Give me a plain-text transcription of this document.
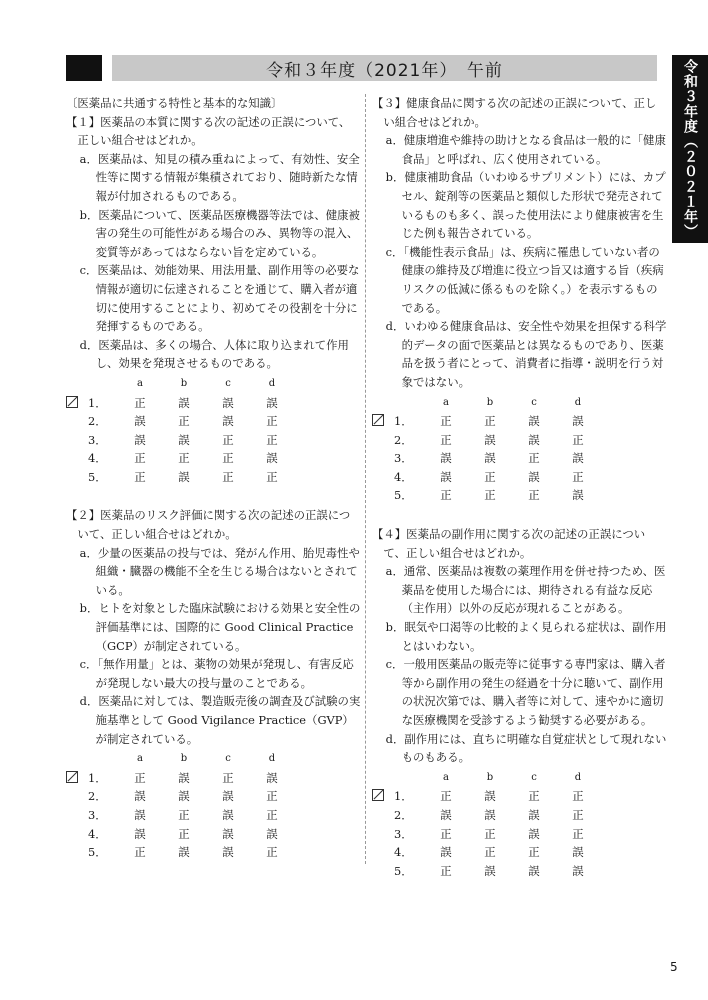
令和３年度（2021年）　午前	令和３年度（２０２１年）
〔医薬品に共通する特性と基本的な知識〕
【１】医薬品の本質に関する次の記述の正誤について、正しい組合せはどれか。
a．医薬品は、知見の積み重ねによって、有効性、安全性等に関する情報が集積されており、随時新たな情報が付加されるものである。
b．医薬品について、医薬品医療機器等法では、健康被害の発生の可能性がある場合のみ、異物等の混入、変質等があってはならない旨を定めている。
c．医薬品は、効能効果、用法用量、副作用等の必要な情報が適切に伝達されることを通じて、購入者が適切に使用することにより、初めてその役割を十分に発揮するものである。
d．医薬品は、多くの場合、人体に取り込まれて作用し、効果を発現させるものである。
		a	b	c	d
	1．	正	誤	誤	誤
	2．	誤	正	誤	正
	3．	誤	誤	正	正
	4．	正	正	正	誤
	5．	正	誤	正	正
【２】医薬品のリスク評価に関する次の記述の正誤について、正しい組合せはどれか。
a．少量の医薬品の投与では、発がん作用、胎児毒性や組織・臓器の機能不全を生じる場合はないとされている。
b．ヒトを対象とした臨床試験における効果と安全性の評価基準には、国際的に Good Clinical Practice（GCP）が制定されている。
c．「無作用量」とは、薬物の効果が発現し、有害反応が発現しない最大の投与量のことである。
d．医薬品に対しては、製造販売後の調査及び試験の実施基準として Good Vigilance Practice（GVP）が制定されている。
		a	b	c	d
	1．	正	誤	正	誤
	2．	誤	誤	誤	正
	3．	誤	正	誤	正
	4．	誤	正	誤	誤
	5．	正	誤	誤	正
【３】健康食品に関する次の記述の正誤について、正しい組合せはどれか。
a．健康増進や維持の助けとなる食品は一般的に「健康食品」と呼ばれ、広く使用されている。
b．健康補助食品（いわゆるサプリメント）には、カプセル、錠剤等の医薬品と類似した形状で発売されているものも多く、誤った使用法により健康被害を生じた例も報告されている。
c．「機能性表示食品」は、疾病に罹患していない者の健康の維持及び増進に役立つ旨又は適する旨（疾病リスクの低減に係るものを除く。）を表示するものである。
d．いわゆる健康食品は、安全性や効果を担保する科学的データの面で医薬品とは異なるものであり、医薬品を扱う者にとって、消費者に指導・説明を行う対象ではない。
		a	b	c	d
	1．	正	正	誤	誤
	2．	正	誤	誤	正
	3．	誤	誤	正	誤
	4．	誤	正	誤	正
	5．	正	正	正	誤
【４】医薬品の副作用に関する次の記述の正誤について、正しい組合せはどれか。
a．通常、医薬品は複数の薬理作用を併せ持つため、医薬品を使用した場合には、期待される有益な反応（主作用）以外の反応が現れることがある。
b．眠気や口渇等の比較的よく見られる症状は、副作用とはいわない。
c．一般用医薬品の販売等に従事する専門家は、購入者等から副作用の発生の経過を十分に聴いて、副作用の状況次第では、購入者等に対して、速やかに適切な医療機関を受診するよう勧奨する必要がある。
d．副作用には、直ちに明確な自覚症状として現れないものもある。
		a	b	c	d
	1．	正	誤	正	正
	2．	誤	誤	誤	正
	3．	正	正	誤	正
	4．	誤	正	正	誤
	5．	正	誤	誤	誤
5
